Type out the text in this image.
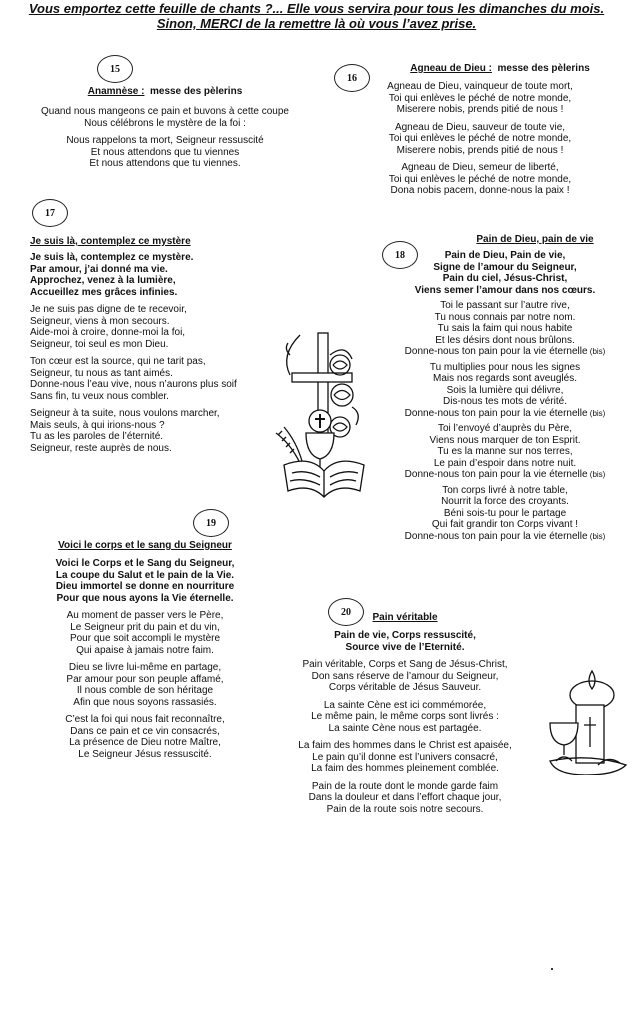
Vous emportez cette feuille de chants ?... Elle vous servira pour tous les dimanches du mois.
Sinon, MERCI de la remettre là où vous l’avez prise.
15
Anamnèse : messe des pèlerins
Quand nous mangeons ce pain et buvons à cette coupe
Nous célébrons le mystère de la foi :
Nous rappelons ta mort, Seigneur ressuscité
Et nous attendons que tu viennes
Et nous attendons que tu viennes.
16
Agneau de Dieu : messe des pèlerins
Agneau de Dieu, vainqueur de toute mort,
Toi qui enlèves le péché de notre monde,
Miserere nobis, prends pitié de nous !
Agneau de Dieu, sauveur de toute vie,
Toi qui enlèves le péché de notre monde,
Miserere nobis, prends pitié de nous !
Agneau de Dieu, semeur de liberté,
Toi qui enlèves le péché de notre monde,
Dona nobis pacem, donne-nous la paix !
17
Je suis là, contemplez ce mystère
Je suis là, contemplez ce mystère.
Par amour, j’ai donné ma vie.
Approchez, venez à la lumière,
Accueillez mes grâces infinies.
Je ne suis pas digne de te recevoir,
Seigneur, viens à mon secours.
Aide-moi à croire, donne-moi la foi,
Seigneur, toi seul es mon Dieu.
Ton cœur est la source, qui ne tarit pas,
Seigneur, tu nous as tant aimés.
Donne-nous l’eau vive, nous n’aurons plus soif
Sans fin, tu veux nous combler.
Seigneur à ta suite, nous voulons marcher,
Mais seuls, à qui irions-nous ?
Tu as les paroles de l’éternité.
Seigneur, reste auprès de nous.
18
Pain de Dieu, pain de vie
Pain de Dieu, Pain de vie,
Signe de l’amour du Seigneur,
Pain du ciel, Jésus-Christ,
Viens semer l’amour dans nos cœurs.
Toi le passant sur l’autre rive,
Tu nous connais par notre nom.
Tu sais la faim qui nous habite
Et les désirs dont nous brûlons.
Donne-nous ton pain pour la vie éternelle (bis)
Tu multiplies pour nous les signes
Mais nos regards sont aveuglés.
Sois la lumière qui délivre,
Dis-nous tes mots de vérité.
Donne-nous ton pain pour la vie éternelle (bis)
Toi l’envoyé d’auprès du Père,
Viens nous marquer de ton Esprit.
Tu es la manne sur nos terres,
Le pain d’espoir dans notre nuit.
Donne-nous ton pain pour la vie éternelle (bis)
Ton corps livré à notre table,
Nourrit la force des croyants.
Béni sois-tu pour le partage
Qui fait grandir ton Corps vivant !
Donne-nous ton pain pour la vie éternelle (bis)
19
Voici le corps et le sang du Seigneur
Voici le Corps et le Sang du Seigneur,
La coupe du Salut et le pain de la Vie.
Dieu immortel se donne en nourriture
Pour que nous ayons la Vie éternelle.
Au moment de passer vers le Père,
Le Seigneur prit du pain et du vin,
Pour que soit accompli le mystère
Qui apaise à jamais notre faim.
Dieu se livre lui-même en partage,
Par amour pour son peuple affamé,
Il nous comble de son héritage
Afin que nous soyons rassasiés.
C’est la foi qui nous fait reconnaître,
Dans ce pain et ce vin consacrés,
La présence de Dieu notre Maître,
Le Seigneur Jésus ressuscité.
20	Pain véritable
Pain de vie, Corps ressuscité,
Source vive de l’Eternité.
Pain véritable, Corps et Sang de Jésus-Christ,
Don sans réserve de l’amour du Seigneur,
Corps véritable de Jésus Sauveur.
La sainte Cène est ici commémorée,
Le même pain, le même corps sont livrés :
La sainte Cène nous est partagée.
La faim des hommes dans le Christ est apaisée,
Le pain qu’il donne est l’univers consacré,
La faim des hommes pleinement comblée.
Pain de la route dont le monde garde faim
Dans la douleur et dans l’effort chaque jour,
Pain de la route sois notre secours.
